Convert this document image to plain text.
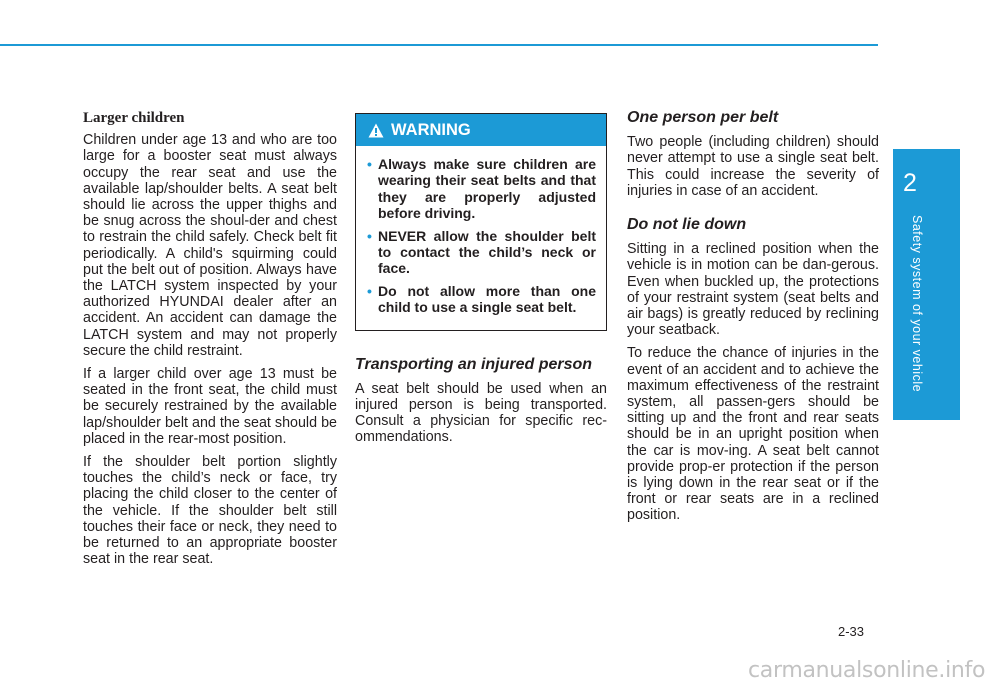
2
Safety system of your vehicle
Larger children

Children under age 13 and who are too large for a booster seat must always occupy the rear seat and use the available lap/shoulder belts. A seat belt should lie across the upper thighs and be snug across the shoul-der and chest to restrain the child safely. Check belt fit periodically. A child's squirming could put the belt out of position. Always have the LATCH system inspected by your authorized HYUNDAI dealer after an accident. An accident can damage the LATCH system and may not properly secure the child restraint.

If a larger child over age 13 must be seated in the front seat, the child must be securely restrained by the available lap/shoulder belt and the seat should be placed in the rear-most position.

If the shoulder belt portion slightly touches the child’s neck or face, try placing the child closer to the center of the vehicle. If the shoulder belt still touches their face or neck, they need to be returned to an appropriate booster seat in the rear seat.

WARNING
• Always make sure children are wearing their seat belts and that they are properly adjusted before driving.
• NEVER allow the shoulder belt to contact the child’s neck or face.
• Do not allow more than one child to use a single seat belt.
Transporting an injured person

A seat belt should be used when an injured person is being transported. Consult a physician for specific rec-ommendations.

One person per belt

Two people (including children) should never attempt to use a single seat belt. This could increase the severity of injuries in case of an accident.

Do not lie down

Sitting in a reclined position when the vehicle is in motion can be dan-gerous. Even when buckled up, the protections of your restraint system (seat belts and air bags) is greatly reduced by reclining your seatback.

To reduce the chance of injuries in the event of an accident and to achieve the maximum effectiveness of the restraint system, all passen-gers should be sitting up and the front and rear seats should be in an upright position when the car is mov-ing. A seat belt cannot provide prop-er protection if the person is lying down in the rear seat or if the front or rear seats are in a reclined position.

2-33
carmanualsonline.info
